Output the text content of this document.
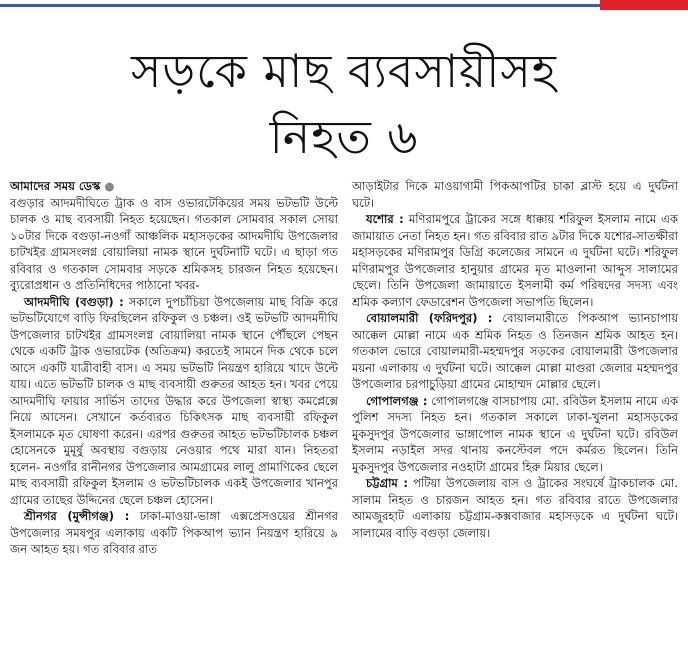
সড়কে মাছ ব্যবসায়ীসহ
নিহত ৬

আমাদের সময় ডেস্ক ●

বগুড়ার আদমদীঘিতে ট্রাক ও বাস ওভারটেকিয়ের সময় ভটভটি উল্টে চালক ও মাছ ব্যবসায়ী নিহত হয়েছেন। গতকাল সোমবার সকাল সোয়া ১০টার দিকে বগুড়া-নওগাঁ আঞ্চলিক মহাসড়কের আদমদীঘি উপজেলার চাটখইর গ্রামসংলগ্ন বোয়ালিয়া নামক স্থানে দুর্ঘটনাটি ঘটে। এ ছাড়া গত রবিবার ও গতকাল সোমবার সড়কে শ্রমিকসহ চারজন নিহত হয়েছেন। ব্যুরোপ্রধান ও প্রতিনিধিদের পাঠানো খবর-

আদমদীঘি (বগুড়া) : সকালে দুপচাঁচিয়া উপজেলায় মাছ বিক্রি করে ভটভটিযোগে বাড়ি ফিরছিলেন রফিকুল ও চঞ্চল। ওই ভটভটি আদমদীঘি উপজেলার চাটখইর গ্রামসংলগ্ন বোয়ালিয়া নামক স্থানে পৌঁছলে পেছন থেকে একটি ট্রাক ওভারটেক (অতিক্রম) করতেই সামনে দিক থেকে চলে আসে একটি যাত্রীবাহী বাস। এ সময় ভটভটি নিয়ন্ত্রণ হারিয়ে খাদে উল্টে যায়। এতে ভটভটি চালক ও মাছ ব্যবসায়ী গুরুতর আহত হন। খবর পেয়ে আদমদীঘি ফায়ার সার্ভিস তাদের উদ্ধার করে উপজেলা স্বাস্থ্য কমপ্লেক্সে নিয়ে আসেন। সেখানে কর্তব্যরত চিকিৎসক মাছ ব্যবসায়ী রফিকুল ইসলামকে মৃত ঘোষণা করেন। এরপর গুরুতর আহত ভটভটিচালক চঞ্চল হোসেনকে মুমূর্ষু অবস্থায় বগুড়ায় নেওয়ার পথে মারা যান। নিহতরা হলেন- নওগাঁর রানীনগর উপজেলার আমগ্রামের লালু প্রামাণিকের ছেলে মাছ ব্যবসায়ী রফিকুল ইসলাম ও ভটভটিচালক একই উপজেলার খানপুর গ্রামের তাছের উদ্দিনের ছেলে চঞ্চল হোসেন।

শ্রীনগর (মুন্সীগঞ্জ) : ঢাকা-মাওয়া-ভাঙ্গা এক্সপ্রেসওয়ের শ্রীনগর উপজেলার সমষপুর এলাকায় একটি পিকআপ ভ্যান নিয়ন্ত্রণ হারিয়ে ৯ জন আহত হয়। গত রবিবার রাত

আড়াইটার দিকে মাওয়াগামী পিকআপটির চাকা ব্লাস্ট হয়ে এ দুর্ঘটনা ঘটে।

যশোর : মণিরামপুরে ট্রাকের সঙ্গে ধাক্কায় শরিফুল ইসলাম নামে এক জামায়াত নেতা নিহত হন। গত রবিবার রাত ৯টার দিকে যশোর-সাতক্ষীরা মহাসড়কের মণিরামপুর ডিগ্রি কলেজের সামনে এ দুর্ঘটনা ঘটে। শরিফুল মণিরামপুর উপজেলার হানুয়ার গ্রামের মৃত মাওলানা আব্দুস সালামের ছেলে। তিনি উপজেলা জামায়াতে ইসলামী কর্ম পরিষদের সদস্য এবং শ্রমিক কল্যাণ ফেডারেশন উপজেলা সভাপতি ছিলেন।

বোয়ালমারী (ফরিদপুর) : বোয়ালমারীতে পিকআপ ভ্যানচাপায় আক্কেল মোল্লা নামে এক শ্রমিক নিহত ও তিনজন শ্রমিক আহত হন। গতকাল ভোরে বোয়ালমারী-মহম্মদপুর সড়কের বোয়ালমারী উপজেলার ময়না এলাকায় এ দুর্ঘটনা ঘটে। আক্কেল মোল্লা মাগুরা জেলার মহম্মদপুর উপজেলার চরপাচুড়িয়া গ্রামের মোহাম্মদ মোল্লার ছেলে।

গোপালগঞ্জ : গোপালগঞ্জে বাসচাপায় মো. রবিউল ইসলাম নামে এক পুলিশ সদস্য নিহত হন। গতকাল সকালে ঢাকা-খুলনা মহাসড়কের মুকসুদপুর উপজেলার ভাঙ্গাপোল নামক স্থানে এ দুর্ঘটনা ঘটে। রবিউল ইসলাম নড়াইল সদর থানায় কনস্টেবল পদে কর্মরত ছিলেন। তিনি মুকসুদপুর উপজেলার নওহাটা গ্রামের হিরু মিয়ার ছেলে।

চট্টগ্রাম : পটিয়া উপজেলায় বাস ও ট্রাকের সংঘর্ষে ট্রাকচালক মো. সালাম নিহত ও চারজন আহত হন। গত রবিবার রাতে উপজেলার আমজুরহাট এলাকায় চট্টগ্রাম-কক্সবাজার মহাসড়কে এ দুর্ঘটনা ঘটে। সালামের বাড়ি বগুড়া জেলায়।
